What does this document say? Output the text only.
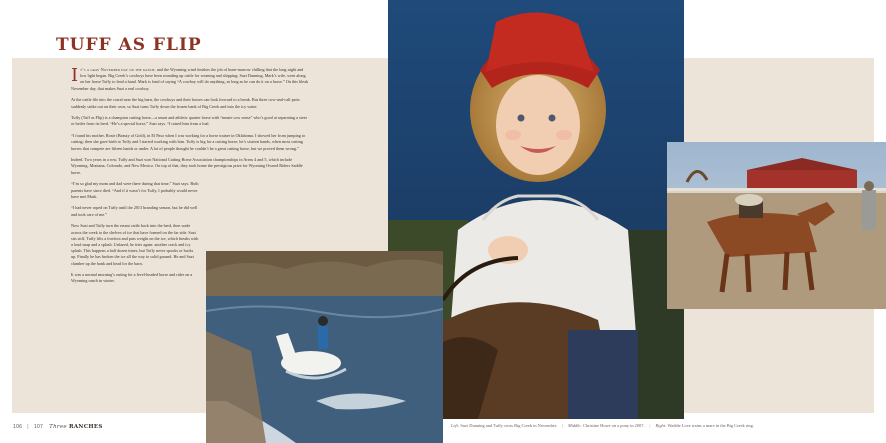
TUFF AS FLIP

It’s a gray November day on the ranch, and the Wyoming wind finishes the job of bone-marrow chilling that the long night and low light began. Big Creek’s cowboys have been rounding up cattle for weaning and shipping; Suzi Dunning, Mark’s wife, went along on her horse Tuffy to lend a hand. Mark is fond of saying “A cowboy will do anything, as long as he can do it on a horse.” On this bleak November day, that makes Suzi a real cowboy.

At the cattle file into the corral near the big barn, the cowboys and their horses can look forward to a break. But three cow-and-calf pairs suddenly strike out on their own, so Suzi turns Tuffy down the frozen bank of Big Creek and into the icy water.

Tuffy (Tuff as Flip) is a champion cutting horse—a smart and athletic quarter horse with “innate cow sense” who’s good at separating a steer or heifer from its herd. “He’s a special horse,” Suzi says. “I raised him from a foal.

“I found his mother, Rosie (Beauty of Gold), in El Paso when I was working for a horse trainer in Oklahoma. I showed her from jumping to cutting; then she gave birth to Tuffy and I started working with him. Tuffy is big for a cutting horse; he’s sixteen hands, when most cutting horses that compete are fifteen hands or under. A lot of people thought he couldn’t be a great cutting horse, but we proved them wrong.”

Indeed. Two years in a row, Tuffy and Suzi won National Cutting Horse Association championships in Areas 4 and 5, which include Wyoming, Montana, Colorado, and New Mexico. On top of that, they took home the prestigious prize for Wyoming Owned Riders Saddle horse.

“I’m so glad my mom and dad were there during that time,” Suzi says. Both parents have since died. “And if it wasn’t for Tuffy, I probably would never have met Mark.

“I had never roped on Tuffy until the 2013 branding season, but he did well and took care of me.”

Now Suzi and Tuffy turn the errant cattle back into the herd, then wade across the creek to the shelves of ice that have formed on the far side. Suzi sits stiff, Tuffy lifts a forefoot and puts weight on the ice, which breaks with a loud snap and a splash. Unfazed, he tries again: another crack and icy splash. This happens a half dozen times, but Tuffy never spooks or backs up. Finally he has broken the ice all the way to solid ground. He and Suzi clamber up the bank and head for the barn.

It was a normal morning’s outing for a level-headed horse and rider on a Wyoming ranch in winter.

106 | 107 Three RANCHES	Left: Suzi Dunning and Tuffy cross Big Creek in November. | Middle: Christine Howe on a pony in 2007. | Right: Waddie Love trains a mare in the Big Creek ring.
